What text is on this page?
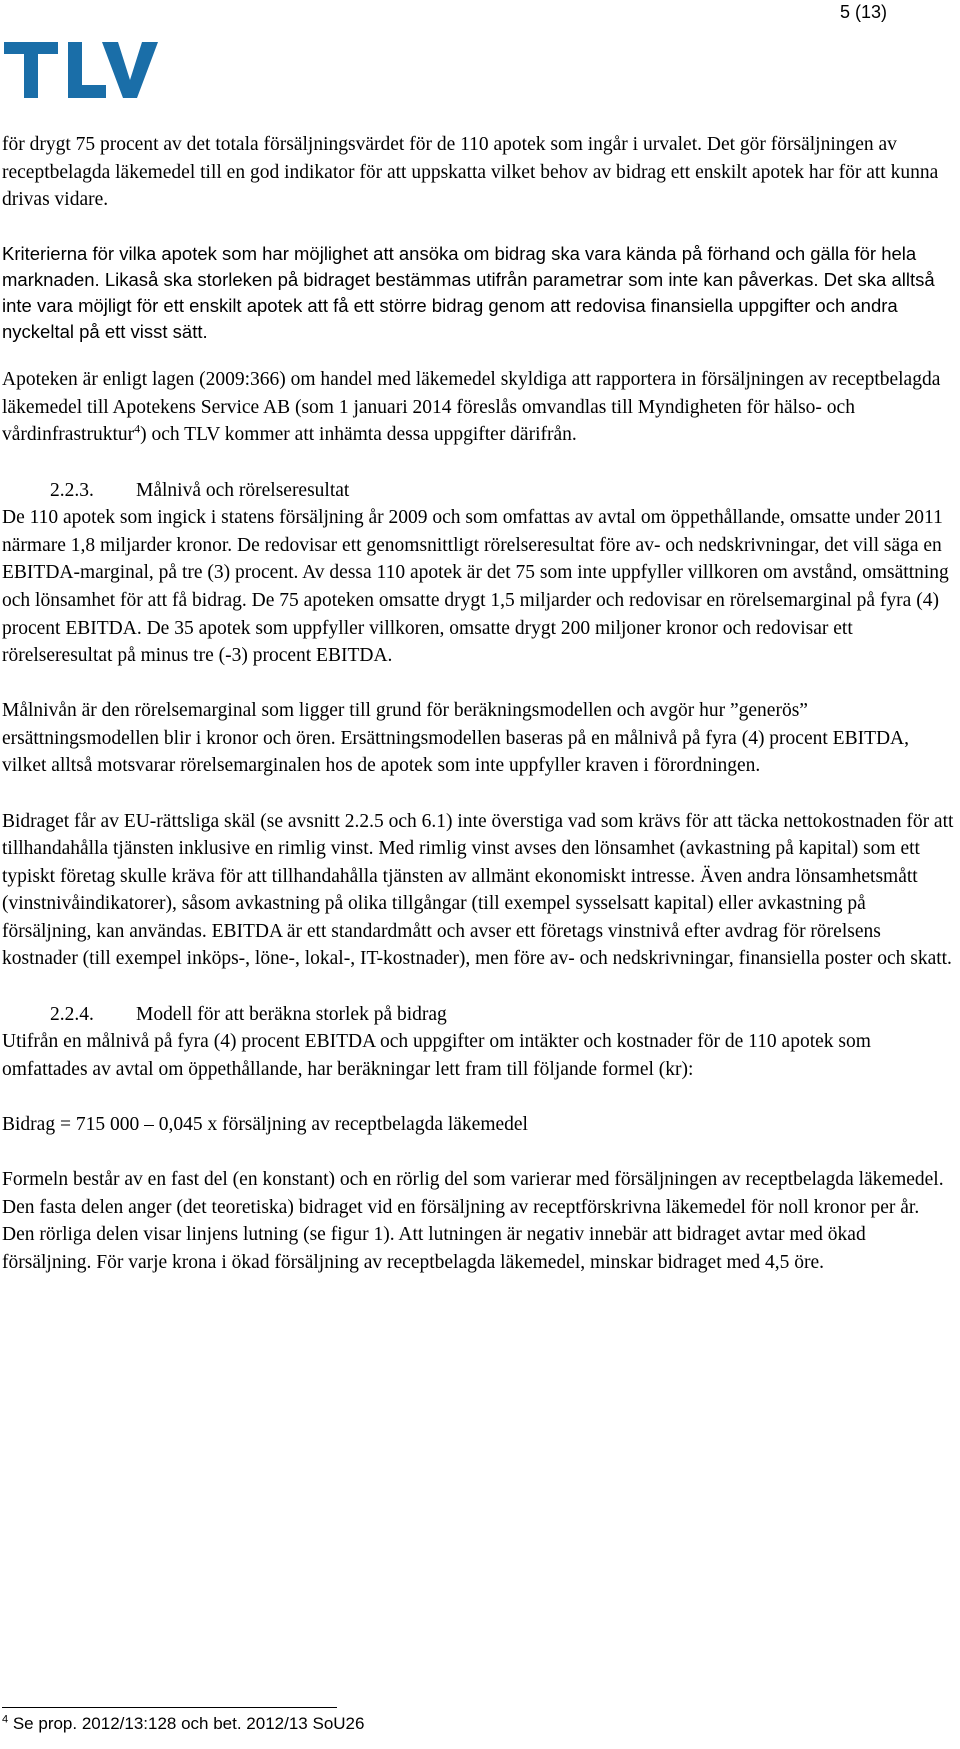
5 (13)

för drygt 75 procent av det totala försäljningsvärdet för de 110 apotek som ingår i urvalet. Det gör försäljningen av receptbelagda läkemedel till en god indikator för att uppskatta vilket behov av bidrag ett enskilt apotek har för att kunna drivas vidare.

Kriterierna för vilka apotek som har möjlighet att ansöka om bidrag ska vara kända på förhand och gälla för hela marknaden. Likaså ska storleken på bidraget bestämmas utifrån parametrar som inte kan påverkas. Det ska alltså inte vara möjligt för ett enskilt apotek att få ett större bidrag genom att redovisa finansiella uppgifter och andra nyckeltal på ett visst sätt.

Apoteken är enligt lagen (2009:366) om handel med läkemedel skyldiga att rapportera in försäljningen av receptbelagda läkemedel till Apotekens Service AB (som 1 januari 2014 föreslås omvandlas till Myndigheten för hälso- och vårdinfrastruktur$^4$) och TLV kommer att inhämta dessa uppgifter därifrån.

2.2.3. Målnivå och rörelseresultat

De 110 apotek som ingick i statens försäljning år 2009 och som omfattas av avtal om öppethållande, omsatte under 2011 närmare 1,8 miljarder kronor. De redovisar ett genomsnittligt rörelseresultat före av- och nedskrivningar, det vill säga en EBITDA-marginal, på tre (3) procent. Av dessa 110 apotek är det 75 som inte uppfyller villkoren om avstånd, omsättning och lönsamhet för att få bidrag. De 75 apoteken omsatte drygt 1,5 miljarder och redovisar en rörelsemarginal på fyra (4) procent EBITDA. De 35 apotek som uppfyller villkoren, omsatte drygt 200 miljoner kronor och redovisar ett rörelseresultat på minus tre (-3) procent EBITDA.

Målnivån är den rörelsemarginal som ligger till grund för beräkningsmodellen och avgör hur ”generös” ersättningsmodellen blir i kronor och ören. Ersättningsmodellen baseras på en målnivå på fyra (4) procent EBITDA, vilket alltså motsvarar rörelsemarginalen hos de apotek som inte uppfyller kraven i förordningen.

Bidraget får av EU-rättsliga skäl (se avsnitt 2.2.5 och 6.1) inte överstiga vad som krävs för att täcka nettokostnaden för att tillhandahålla tjänsten inklusive en rimlig vinst. Med rimlig vinst avses den lönsamhet (avkastning på kapital) som ett typiskt företag skulle kräva för att tillhandahålla tjänsten av allmänt ekonomiskt intresse. Även andra lönsamhetsmått (vinstnivåindikatorer), såsom avkastning på olika tillgångar (till exempel sysselsatt kapital) eller avkastning på försäljning, kan användas. EBITDA är ett standardmått och avser ett företags vinstnivå efter avdrag för rörelsens kostnader (till exempel inköps-, löne-, lokal-, IT-kostnader), men före av- och nedskrivningar, finansiella poster och skatt.

2.2.4. Modell för att beräkna storlek på bidrag

Utifrån en målnivå på fyra (4) procent EBITDA och uppgifter om intäkter och kostnader för de 110 apotek som omfattades av avtal om öppethållande, har beräkningar lett fram till följande formel (kr):

Bidrag = 715 000 – 0,045 x försäljning av receptbelagda läkemedel

Formeln består av en fast del (en konstant) och en rörlig del som varierar med försäljningen av receptbelagda läkemedel. Den fasta delen anger (det teoretiska) bidraget vid en försäljning av receptförskrivna läkemedel för noll kronor per år. Den rörliga delen visar linjens lutning (se figur 1). Att lutningen är negativ innebär att bidraget avtar med ökad försäljning. För varje krona i ökad försäljning av receptbelagda läkemedel, minskar bidraget med 4,5 öre.

$^4$ Se prop. 2012/13:128 och bet. 2012/13 SoU26
